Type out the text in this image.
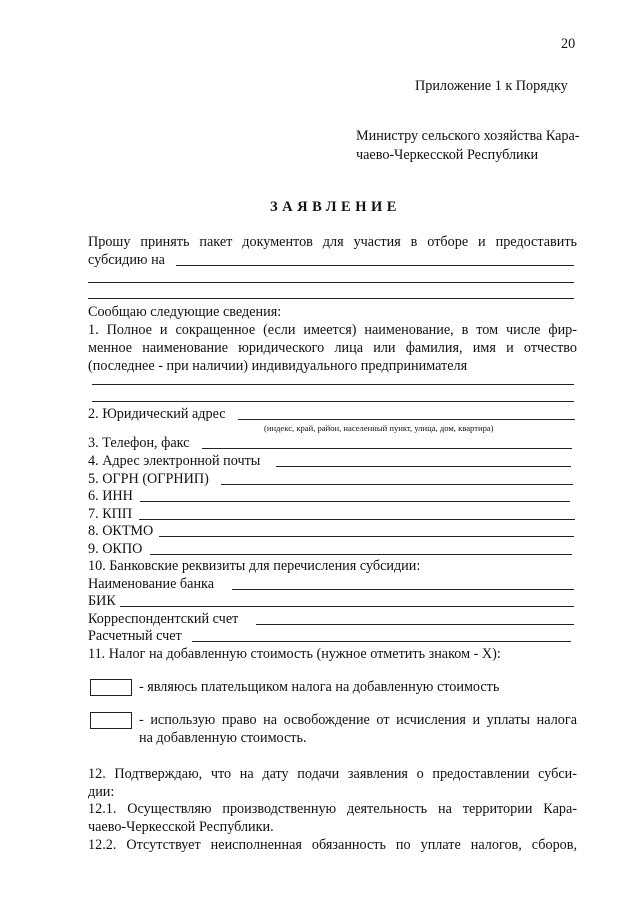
20
Приложение 1 к Порядку
Министру сельского хозяйства Кара-
чаево-Черкесской Республики
ЗАЯВЛЕНИЕ
Прошу принять пакет документов для участия в отборе и предоставить
субсидию на
Сообщаю следующие сведения:
1. Полное и сокращенное (если имеется) наименование, в том числе фир-
менное наименование юридического лица или фамилия, имя и отчество
(последнее - при наличии) индивидуального предпринимателя
2. Юридический адрес
(индекс, край, район, населенный пункт, улица, дом, квартира)
3. Телефон, факс
4. Адрес электронной почты
5. ОГРН (ОГРНИП)
6. ИНН
7. КПП
8. ОКТМО
9. ОКПО
10. Банковские реквизиты для перечисления субсидии:
Наименование банка
БИК
Корреспондентский счет
Расчетный счет
11. Налог на добавленную стоимость (нужное отметить знаком - X):
- являюсь плательщиком налога на добавленную стоимость
- использую право на освобождение от исчисления и уплаты налога
на добавленную стоимость.
12. Подтверждаю, что на дату подачи заявления о предоставлении субси-
дии:
12.1. Осуществляю производственную деятельность на территории Кара-
чаево-Черкесской Республики.
12.2. Отсутствует неисполненная обязанность по уплате налогов, сборов,
